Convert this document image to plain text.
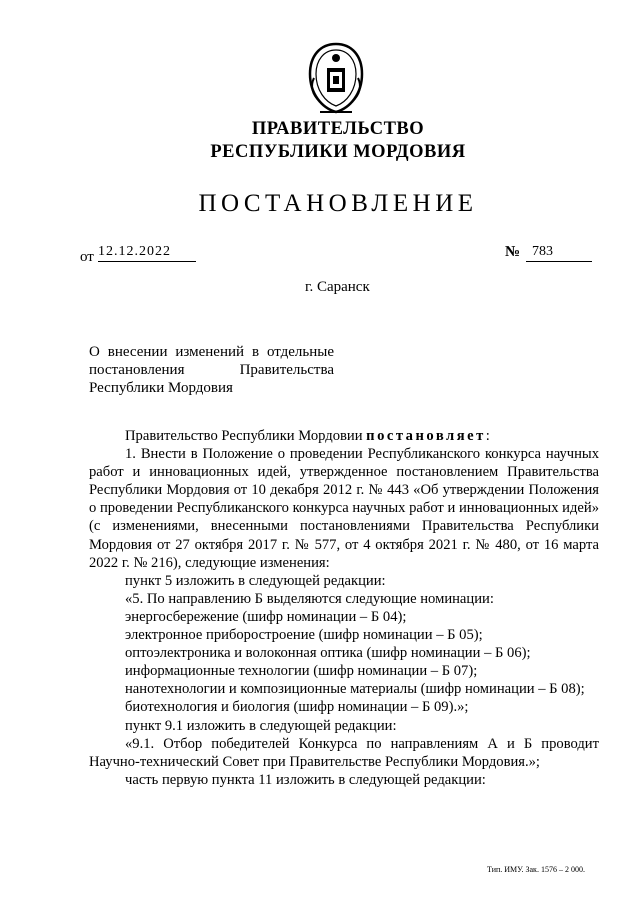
ПРАВИТЕЛЬСТВО
РЕСПУБЛИКИ МОРДОВИЯ
ПОСТАНОВЛЕНИЕ
от 12.12.2022	№ 783
г. Саранск
О внесении изменений в отдельные
постановления Правительства
Республики Мордовия

Правительство Республики Мордовии постановляет:

1. Внести в Положение о проведении Республиканского конкурса научных работ и инновационных идей, утвержденное постановлением Правительства Республики Мордовия от 10 декабря 2012 г. № 443 «Об утверждении Положения о проведении Республиканского конкурса научных работ и инновационных идей» (с изменениями, внесенными постановлениями Правительства Республики Мордовия от 27 октября 2017 г. № 577, от 4 октября 2021 г. № 480, от 16 марта 2022 г. № 216), следующие изменения:

пункт 5 изложить в следующей редакции:

«5. По направлению Б выделяются следующие номинации:

энергосбережение (шифр номинации – Б 04);

электронное приборостроение (шифр номинации – Б 05);

оптоэлектроника и волоконная оптика (шифр номинации – Б 06);

информационные технологии (шифр номинации – Б 07);

нанотехнологии и композиционные материалы (шифр номинации – Б 08);

биотехнология и биология (шифр номинации – Б 09).»;

пункт 9.1 изложить в следующей редакции:

«9.1. Отбор победителей Конкурса по направлениям А и Б проводит Научно-технический Совет при Правительстве Республики Мордовия.»;

часть первую пункта 11 изложить в следующей редакции:

Тип. ИМУ. Зак. 1576 – 2 000.
